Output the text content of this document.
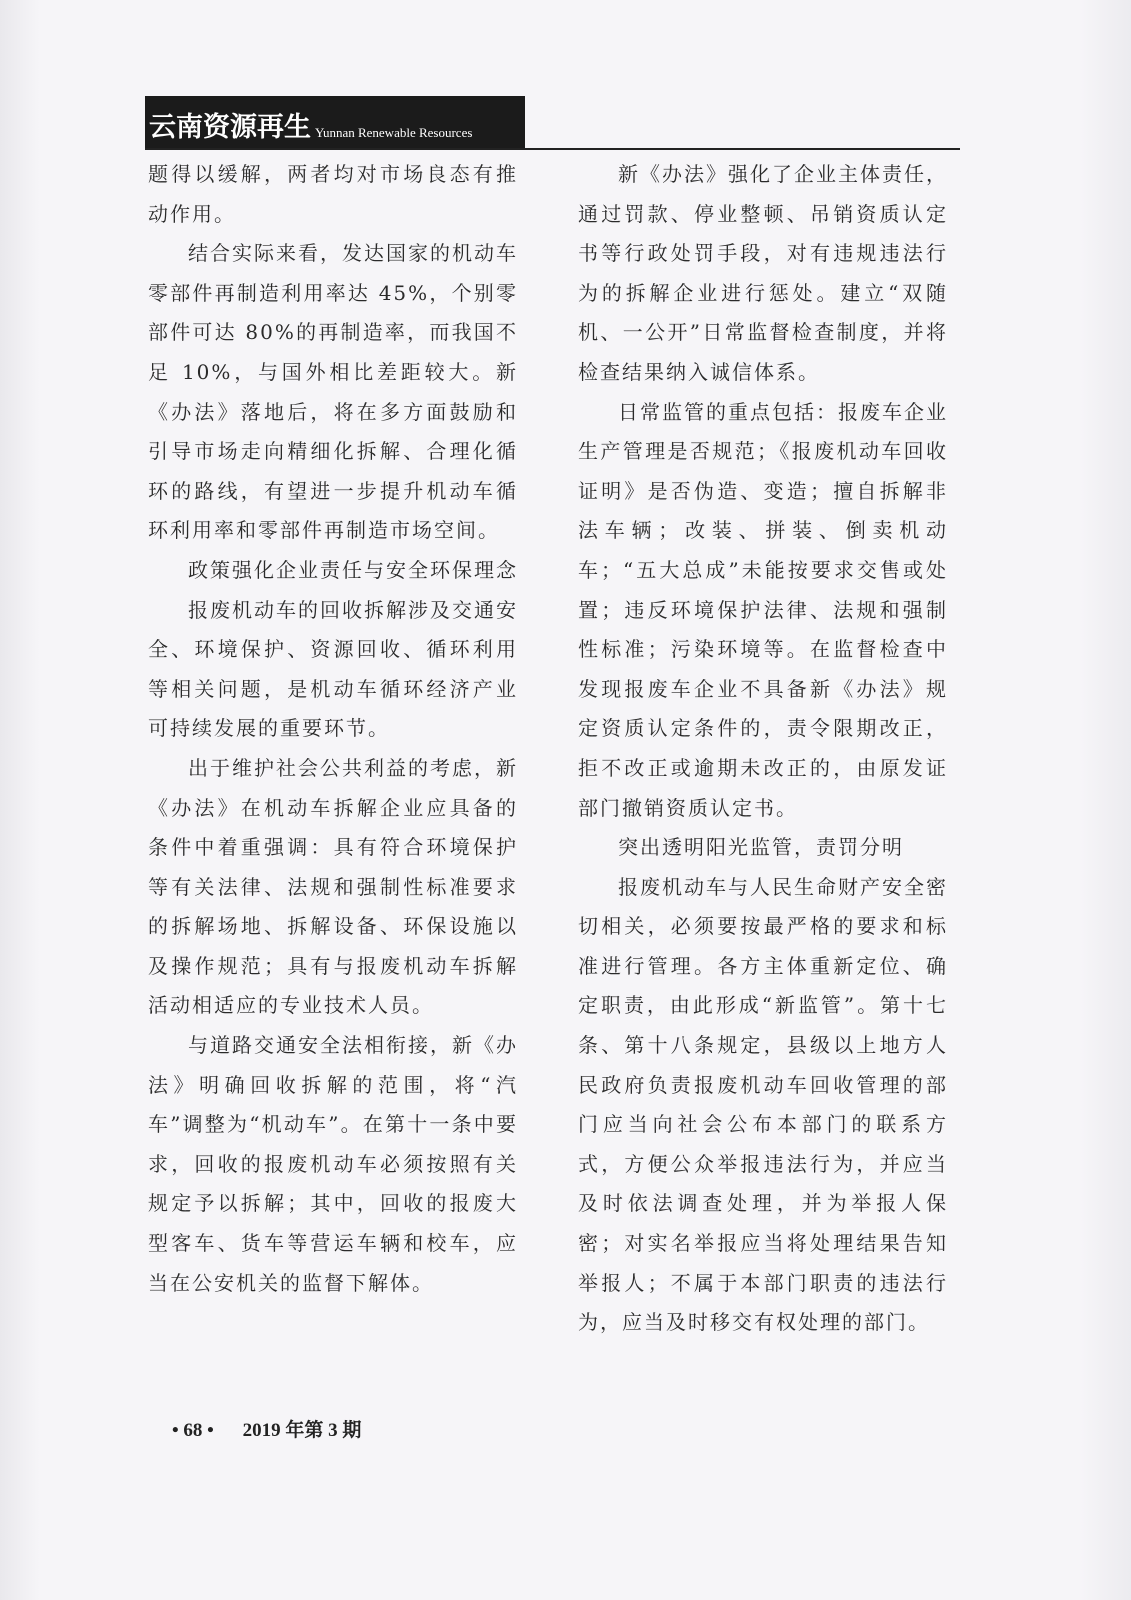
云南资源再生 Yunnan Renewable Resources

题得以缓解，两者均对市场良态有推动作用。

结合实际来看，发达国家的机动车零部件再制造利用率达 45%，个别零部件可达 80%的再制造率，而我国不足 10%，与国外相比差距较大。新《办法》落地后，将在多方面鼓励和引导市场走向精细化拆解、合理化循环的路线，有望进一步提升机动车循环利用率和零部件再制造市场空间。

政策强化企业责任与安全环保理念

报废机动车的回收拆解涉及交通安全、环境保护、资源回收、循环利用等相关问题，是机动车循环经济产业可持续发展的重要环节。

出于维护社会公共利益的考虑，新《办法》在机动车拆解企业应具备的条件中着重强调：具有符合环境保护等有关法律、法规和强制性标准要求的拆解场地、拆解设备、环保设施以及操作规范；具有与报废机动车拆解活动相适应的专业技术人员。

与道路交通安全法相衔接，新《办法》明确回收拆解的范围，将“汽车”调整为“机动车”。在第十一条中要求，回收的报废机动车必须按照有关规定予以拆解；其中，回收的报废大型客车、货车等营运车辆和校车，应当在公安机关的监督下解体。

新《办法》强化了企业主体责任，通过罚款、停业整顿、吊销资质认定书等行政处罚手段，对有违规违法行为的拆解企业进行惩处。建立“双随机、一公开”日常监督检查制度，并将检查结果纳入诚信体系。

日常监管的重点包括：报废车企业生产管理是否规范；《报废机动车回收证明》是否伪造、变造；擅自拆解非法车辆；改装、拼装、倒卖机动车；“五大总成”未能按要求交售或处置；违反环境保护法律、法规和强制性标准；污染环境等。在监督检查中发现报废车企业不具备新《办法》规定资质认定条件的，责令限期改正，拒不改正或逾期未改正的，由原发证部门撤销资质认定书。

突出透明阳光监管，责罚分明

报废机动车与人民生命财产安全密切相关，必须要按最严格的要求和标准进行管理。各方主体重新定位、确定职责，由此形成“新监管”。第十七条、第十八条规定，县级以上地方人民政府负责报废机动车回收管理的部门应当向社会公布本部门的联系方式，方便公众举报违法行为，并应当及时依法调查处理，并为举报人保密；对实名举报应当将处理结果告知举报人；不属于本部门职责的违法行为，应当及时移交有权处理的部门。

• 68 • 2019 年第 3 期
